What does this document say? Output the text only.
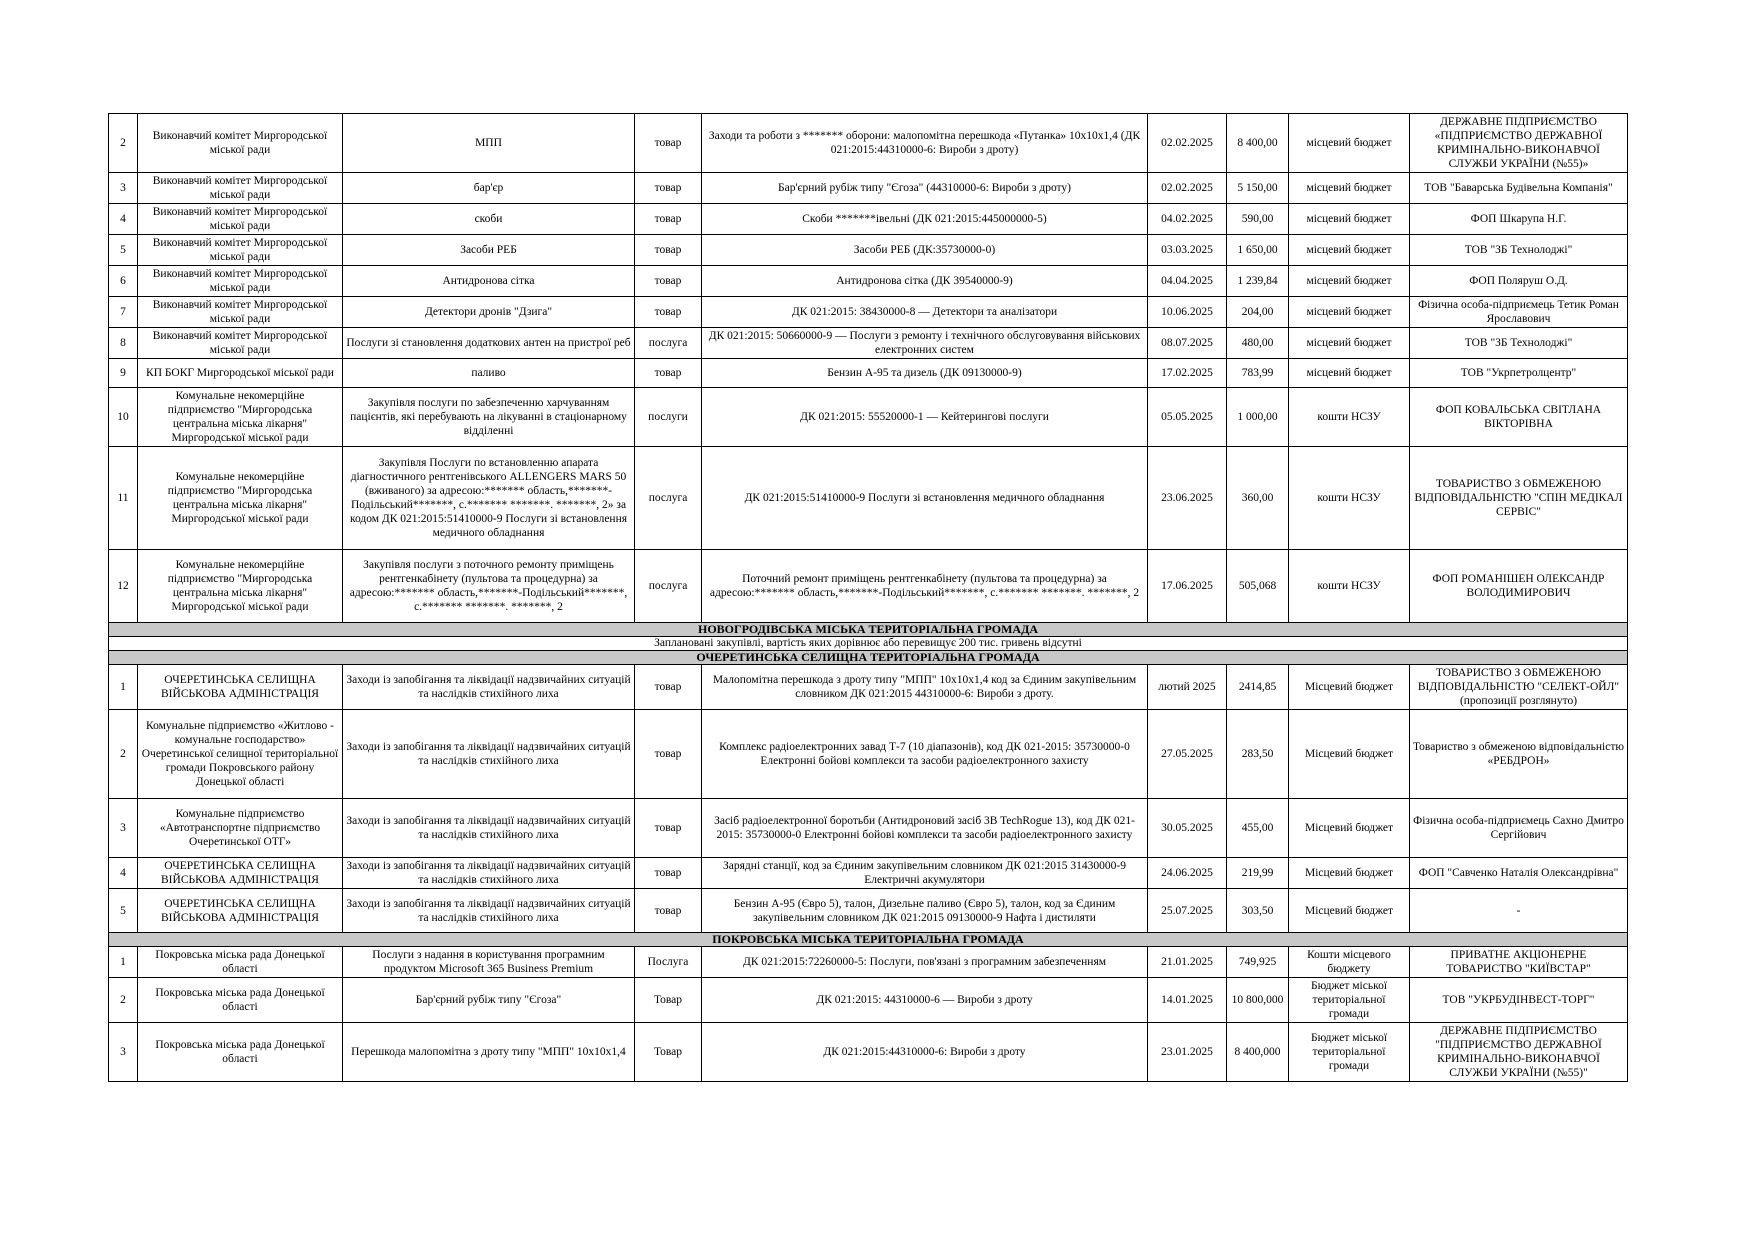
2	Виконавчий комітет Миргородської міської ради	МПП	товар	Заходи та роботи з ******* оборони: малопомітна перешкода «Путанка» 10х10х1,4 (ДК 021:2015:44310000-6: Вироби з дроту)	02.02.2025	8 400,00	місцевий бюджет	ДЕРЖАВНЕ ПІДПРИЄМСТВО «ПІДПРИЄМСТВО ДЕРЖАВНОЇ КРИМІНАЛЬНО-ВИКОНАВЧОЇ СЛУЖБИ УКРАЇНИ (№55)»
3	Виконавчий комітет Миргородської міської ради	бар'єр	товар	Бар'єрний рубіж типу "Єгоза" (44310000-6: Вироби з дроту)	02.02.2025	5 150,00	місцевий бюджет	ТОВ "Баварська Будівельна Компанія"
4	Виконавчий комітет Миргородської міської ради	скоби	товар	Скоби *******івельні (ДК 021:2015:445000000-5)	04.02.2025	590,00	місцевий бюджет	ФОП Шкарупа Н.Г.
5	Виконавчий комітет Миргородської міської ради	Засоби РЕБ	товар	Засоби РЕБ (ДК:35730000-0)	03.03.2025	1 650,00	місцевий бюджет	ТОВ "ЗБ Технолоджі"
6	Виконавчий комітет Миргородської міської ради	Антидронова сітка	товар	Антидронова сітка (ДК 39540000-9)	04.04.2025	1 239,84	місцевий бюджет	ФОП Поляруш О.Д.
7	Виконавчий комітет Миргородської міської ради	Детектори дронів "Дзига"	товар	ДК 021:2015: 38430000-8 — Детектори та аналізатори	10.06.2025	204,00	місцевий бюджет	Фізична особа-підприємець Тетик Роман Ярославович
8	Виконавчий комітет Миргородської міської ради	Послуги зі становлення додаткових антен на пристрої реб	послуга	ДК 021:2015: 50660000-9 — Послуги з ремонту і технічного обслуговування військових електронних систем	08.07.2025	480,00	місцевий бюджет	ТОВ "ЗБ Технолоджі"
9	КП БОКГ Миргородської міської ради	паливо	товар	Бензин А-95 та дизель (ДК 09130000-9)	17.02.2025	783,99	місцевий бюджет	ТОВ "Укрпетролцентр"
10	Комунальне некомерційне підприємство "Миргородська центральна міська лікарня" Миргородської міської ради	Закупівля послуги по забезпеченню харчуванням пацієнтів, які перебувають на лікуванні в стаціонарному відділенні	послуги	ДК 021:2015: 55520000-1 — Кейтерингові послуги	05.05.2025	1 000,00	кошти НСЗУ	ФОП КОВАЛЬСЬКА СВІТЛАНА ВІКТОРІВНА
11	Комунальне некомерційне підприємство "Миргородська центральна міська лікарня" Миргородської міської ради	Закупівля Послуги по встановленню апарата діагностичного рентгенівського ALLENGERS MARS 50 (вживаного) за адресою:******* область,*******-Подільський*******, с.******* *******. *******, 2» за кодом ДК 021:2015:51410000-9 Послуги зі встановлення медичного обладнання	послуга	ДК 021:2015:51410000-9 Послуги зі встановлення медичного обладнання	23.06.2025	360,00	кошти НСЗУ	ТОВАРИСТВО З ОБМЕЖЕНОЮ ВІДПОВІДАЛЬНІСТЮ "СПІН МЕДІКАЛ СЕРВІС"
12	Комунальне некомерційне підприємство "Миргородська центральна міська лікарня" Миргородської міської ради	Закупівля послуги з поточного ремонту приміщень рентгенкабінету (пультова та процедурна) за адресою:******* область,*******-Подільський*******, с.******* *******. *******, 2	послуга	Поточний ремонт приміщень рентгенкабінету (пультова та процедурна) за адресою:******* область,*******-Подільський*******, с.******* *******. *******, 2	17.06.2025	505,068	кошти НСЗУ	ФОП РОМАНІШЕН ОЛЕКСАНДР ВОЛОДИМИРОВИЧ
НОВОГРОДІВСЬКА МІСЬКА ТЕРИТОРІАЛЬНА ГРОМАДА								
Заплановані закупівлі, вартість яких дорівнює або перевищує 200 тис. гривень відсутні								
ОЧЕРЕТИНСЬКА СЕЛИЩНА ТЕРИТОРІАЛЬНА ГРОМАДА								
1	ОЧЕРЕТИНСЬКА СЕЛИЩНА ВІЙСЬКОВА АДМІНІСТРАЦІЯ	Заходи із запобігання та ліквідації надзвичайних ситуацій та наслідків стихійного лиха	товар	Малопомітна перешкода з дроту типу "МПП" 10х10х1,4 код за Єдиним закупівельним словником ДК 021:2015 44310000-6: Вироби з дроту.	лютий 2025	2414,85	Місцевий бюджет	ТОВАРИСТВО З ОБМЕЖЕНОЮ ВІДПОВІДАЛЬНІСТЮ "СЕЛЕКТ-ОЙЛ" (пропозиції розглянуто)
2	Комунальне підприємство «Житлово - комунальне господарство» Очеретинської селищної територіальної громади Покровського району Донецької області	Заходи із запобігання та ліквідації надзвичайних ситуацій та наслідків стихійного лиха	товар	Комплекс радіоелектронних завад Т-7 (10 діапазонів), код ДК 021-2015: 35730000-0 Електронні бойові комплекси та засоби радіоелектронного захисту	27.05.2025	283,50	Місцевий бюджет	Товариство з обмеженою відповідальністю «РЕБДРОН»
3	Комунальне підприємство «Автотранспортне підприємство Очеретинської ОТГ»	Заходи із запобігання та ліквідації надзвичайних ситуацій та наслідків стихійного лиха	товар	Засіб радіоелектронної боротьби (Антидроновий засіб 3B TechRogue 13), код ДК 021-2015: 35730000-0 Електронні бойові комплекси та засоби радіоелектронного захисту	30.05.2025	455,00	Місцевий бюджет	Фізична особа-підприємець Сахно Дмитро Сергійович
4	ОЧЕРЕТИНСЬКА СЕЛИЩНА ВІЙСЬКОВА АДМІНІСТРАЦІЯ	Заходи із запобігання та ліквідації надзвичайних ситуацій та наслідків стихійного лиха	товар	Зарядні станції, код за Єдиним закупівельним словником ДК 021:2015 31430000-9 Електричні акумулятори	24.06.2025	219,99	Місцевий бюджет	ФОП "Савченко Наталія Олександрівна"
5	ОЧЕРЕТИНСЬКА СЕЛИЩНА ВІЙСЬКОВА АДМІНІСТРАЦІЯ	Заходи із запобігання та ліквідації надзвичайних ситуацій та наслідків стихійного лиха	товар	Бензин А-95 (Євро 5), талон, Дизельне паливо (Євро 5), талон, код за Єдиним закупівельним словником ДК 021:2015 09130000-9 Нафта і дистиляти	25.07.2025	303,50	Місцевий бюджет	-
ПОКРОВСЬКА МІСЬКА ТЕРИТОРІАЛЬНА ГРОМАДА								
1	Покровська міська рада Донецької області	Послуги з надання в користування програмним продуктом Microsoft 365 Business Premium	Послуга	ДК 021:2015:72260000-5: Послуги, пов'язані з програмним забезпеченням	21.01.2025	749,925	Кошти місцевого бюджету	ПРИВАТНЕ АКЦІОНЕРНЕ ТОВАРИСТВО "КИЇВСТАР"
2	Покровська міська рада Донецької області	Бар'єрний рубіж типу "Єгоза"	Товар	ДК 021:2015: 44310000-6 — Вироби з дроту	14.01.2025	10 800,000	Бюджет міської територіальної громади	ТОВ "УКРБУДІНВЕСТ-ТОРГ"
3	Покровська міська рада Донецької області	Перешкода малопомітна з дроту типу "МПП" 10х10х1,4	Товар	ДК 021:2015:44310000-6: Вироби з дроту	23.01.2025	8 400,000	Бюджет міської територіальної громади	ДЕРЖАВНЕ ПІДПРИЄМСТВО "ПІДПРИЄМСТВО ДЕРЖАВНОЇ КРИМІНАЛЬНО-ВИКОНАВЧОЇ СЛУЖБИ УКРАЇНИ (№55)"
